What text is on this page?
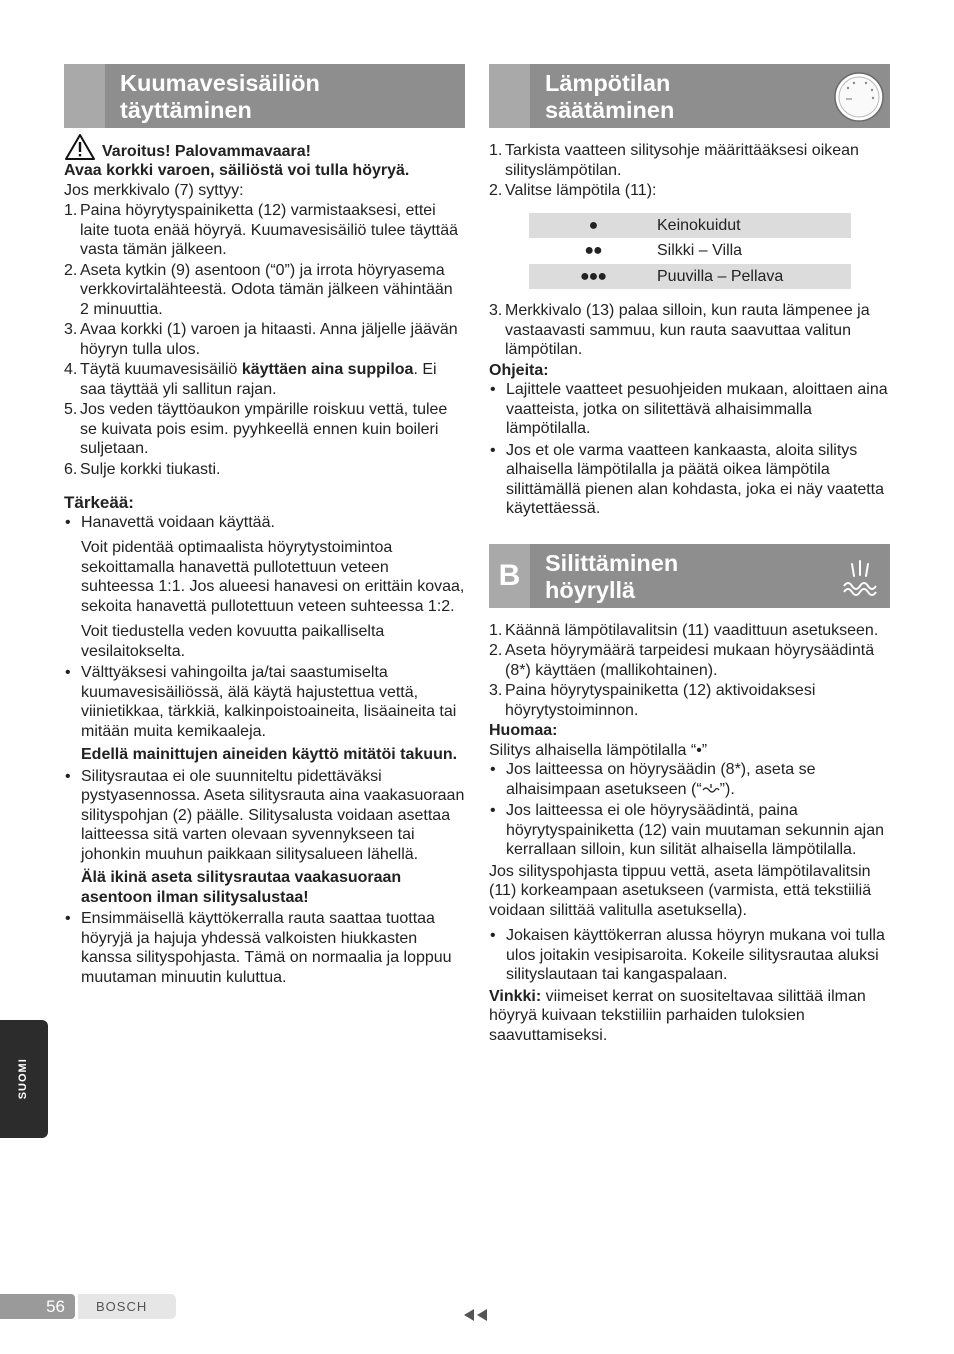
Kuumavesisäiliön
täyttäminen
Varoitus! Palovammavaara!

Avaa korkki varoen, säiliöstä voi tulla höyryä.

Jos merkkivalo (7) syttyy:

1. Paina höyrytyspainiketta (12) varmistaaksesi, ettei laite tuota enää höyryä. Kuumavesisäiliö tulee täyttää vasta tämän jälkeen.
2. Aseta kytkin (9) asentoon (“0”) ja irrota höyryasema verkkovirtalähteestä. Odota tämän jälkeen vähintään 2 minuuttia.
3. Avaa korkki (1) varoen ja hitaasti. Anna jäljelle jäävän höyryn tulla ulos.
4. Täytä kuumavesisäiliö käyttäen aina suppiloa. Ei saa täyttää yli sallitun rajan.
5. Jos veden täyttöaukon ympärille roiskuu vettä, tulee se kuivata pois esim. pyyhkeellä ennen kuin boileri suljetaan.
6. Sulje korkki tiukasti.

Tärkeää:

• Hanavettä voidaan käyttää.

Voit pidentää optimaalista höyrytystoimintoa sekoittamalla hanavettä pullotettuun veteen suhteessa 1:1. Jos alueesi hanavesi on erittäin kovaa, sekoita hanavettä pullotettuun veteen suhteessa 1:2.

Voit tiedustella veden kovuutta paikalliselta vesilaitokselta.

• Välttyäksesi vahingoilta ja/tai saastumiselta kuumavesisäiliössä, älä käytä hajustettua vettä, viinietikkaa, tärkkiä, kalkinpoistoaineita, lisäaineita tai mitään muita kemikaaleja.

Edellä mainittujen aineiden käyttö mitätöi takuun.

• Silitysrautaa ei ole suunniteltu pidettäväksi pystyasennossa. Aseta silitysrauta aina vaakasuoraan silityspohjan (2) päälle. Silitysalusta voidaan asettaa laitteessa sitä varten olevaan syvennykseen tai johonkin muuhun paikkaan silitysalueen lähellä.

Älä ikinä aseta silitysrautaa vaakasuoraan asentoon ilman silitysalustaa!

• Ensimmäisellä käyttökerralla rauta saattaa tuottaa höyryjä ja hajuja yhdessä valkoisten hiukkasten kanssa silityspohjasta. Tämä on normaalia ja loppuu muutaman minuutin kuluttua.

Lämpötilan
säätäminen
1. Tarkista vaatteen silitysohje määrittääksesi oikean silityslämpötilan.
2. Valitse lämpötila (11):
●	Keinokuidut
●●	Silkki – Villa
●●●	Puuvilla – Pellava
3. Merkkivalo (13) palaa silloin, kun rauta lämpenee ja vastaavasti sammuu, kun rauta saavuttaa valitun lämpötilan.

Ohjeita:

• Lajittele vaatteet pesuohjeiden mukaan, aloittaen aina vaatteista, jotka on silitettävä alhaisimmalla lämpötilalla.

• Jos et ole varma vaatteen kankaasta, aloita silitys alhaisella lämpötilalla ja päätä oikea lämpötila silittämällä pienen alan kohdasta, joka ei näy vaatetta käytettäessä.

B	Silittäminen
höyryllä
1. Käännä lämpötilavalitsin (11) vaadittuun asetukseen.
2. Aseta höyrymäärä tarpeidesi mukaan höyrysäädintä (8*) käyttäen (mallikohtainen).
3. Paina höyrytyspainiketta (12) aktivoidaksesi höyrytystoiminnon.

Huomaa:

Silitys alhaisella lämpötilalla “•”

• Jos laitteessa on höyrysäädin (8*), aseta se alhaisimpaan asetukseen (“ ”).

• Jos laitteessa ei ole höyrysäädintä, paina höyrytyspainiketta (12) vain muutaman sekunnin ajan kerrallaan silloin, kun silität alhaisella lämpötilalla.

Jos silityspohjasta tippuu vettä, aseta lämpötilavalitsin (11) korkeampaan asetukseen (varmista, että tekstiiliä voidaan silittää valitulla asetuksella).

• Jokaisen käyttökerran alussa höyryn mukana voi tulla ulos joitakin vesipisaroita. Kokeile silitysrautaa aluksi silityslautaan tai kangaspalaan.

Vinkki: viimeiset kerrat on suositeltavaa silittää ilman höyryä kuivaan tekstiiliin parhaiden tuloksien saavuttamiseksi.

SUOMI
56	BOSCH
